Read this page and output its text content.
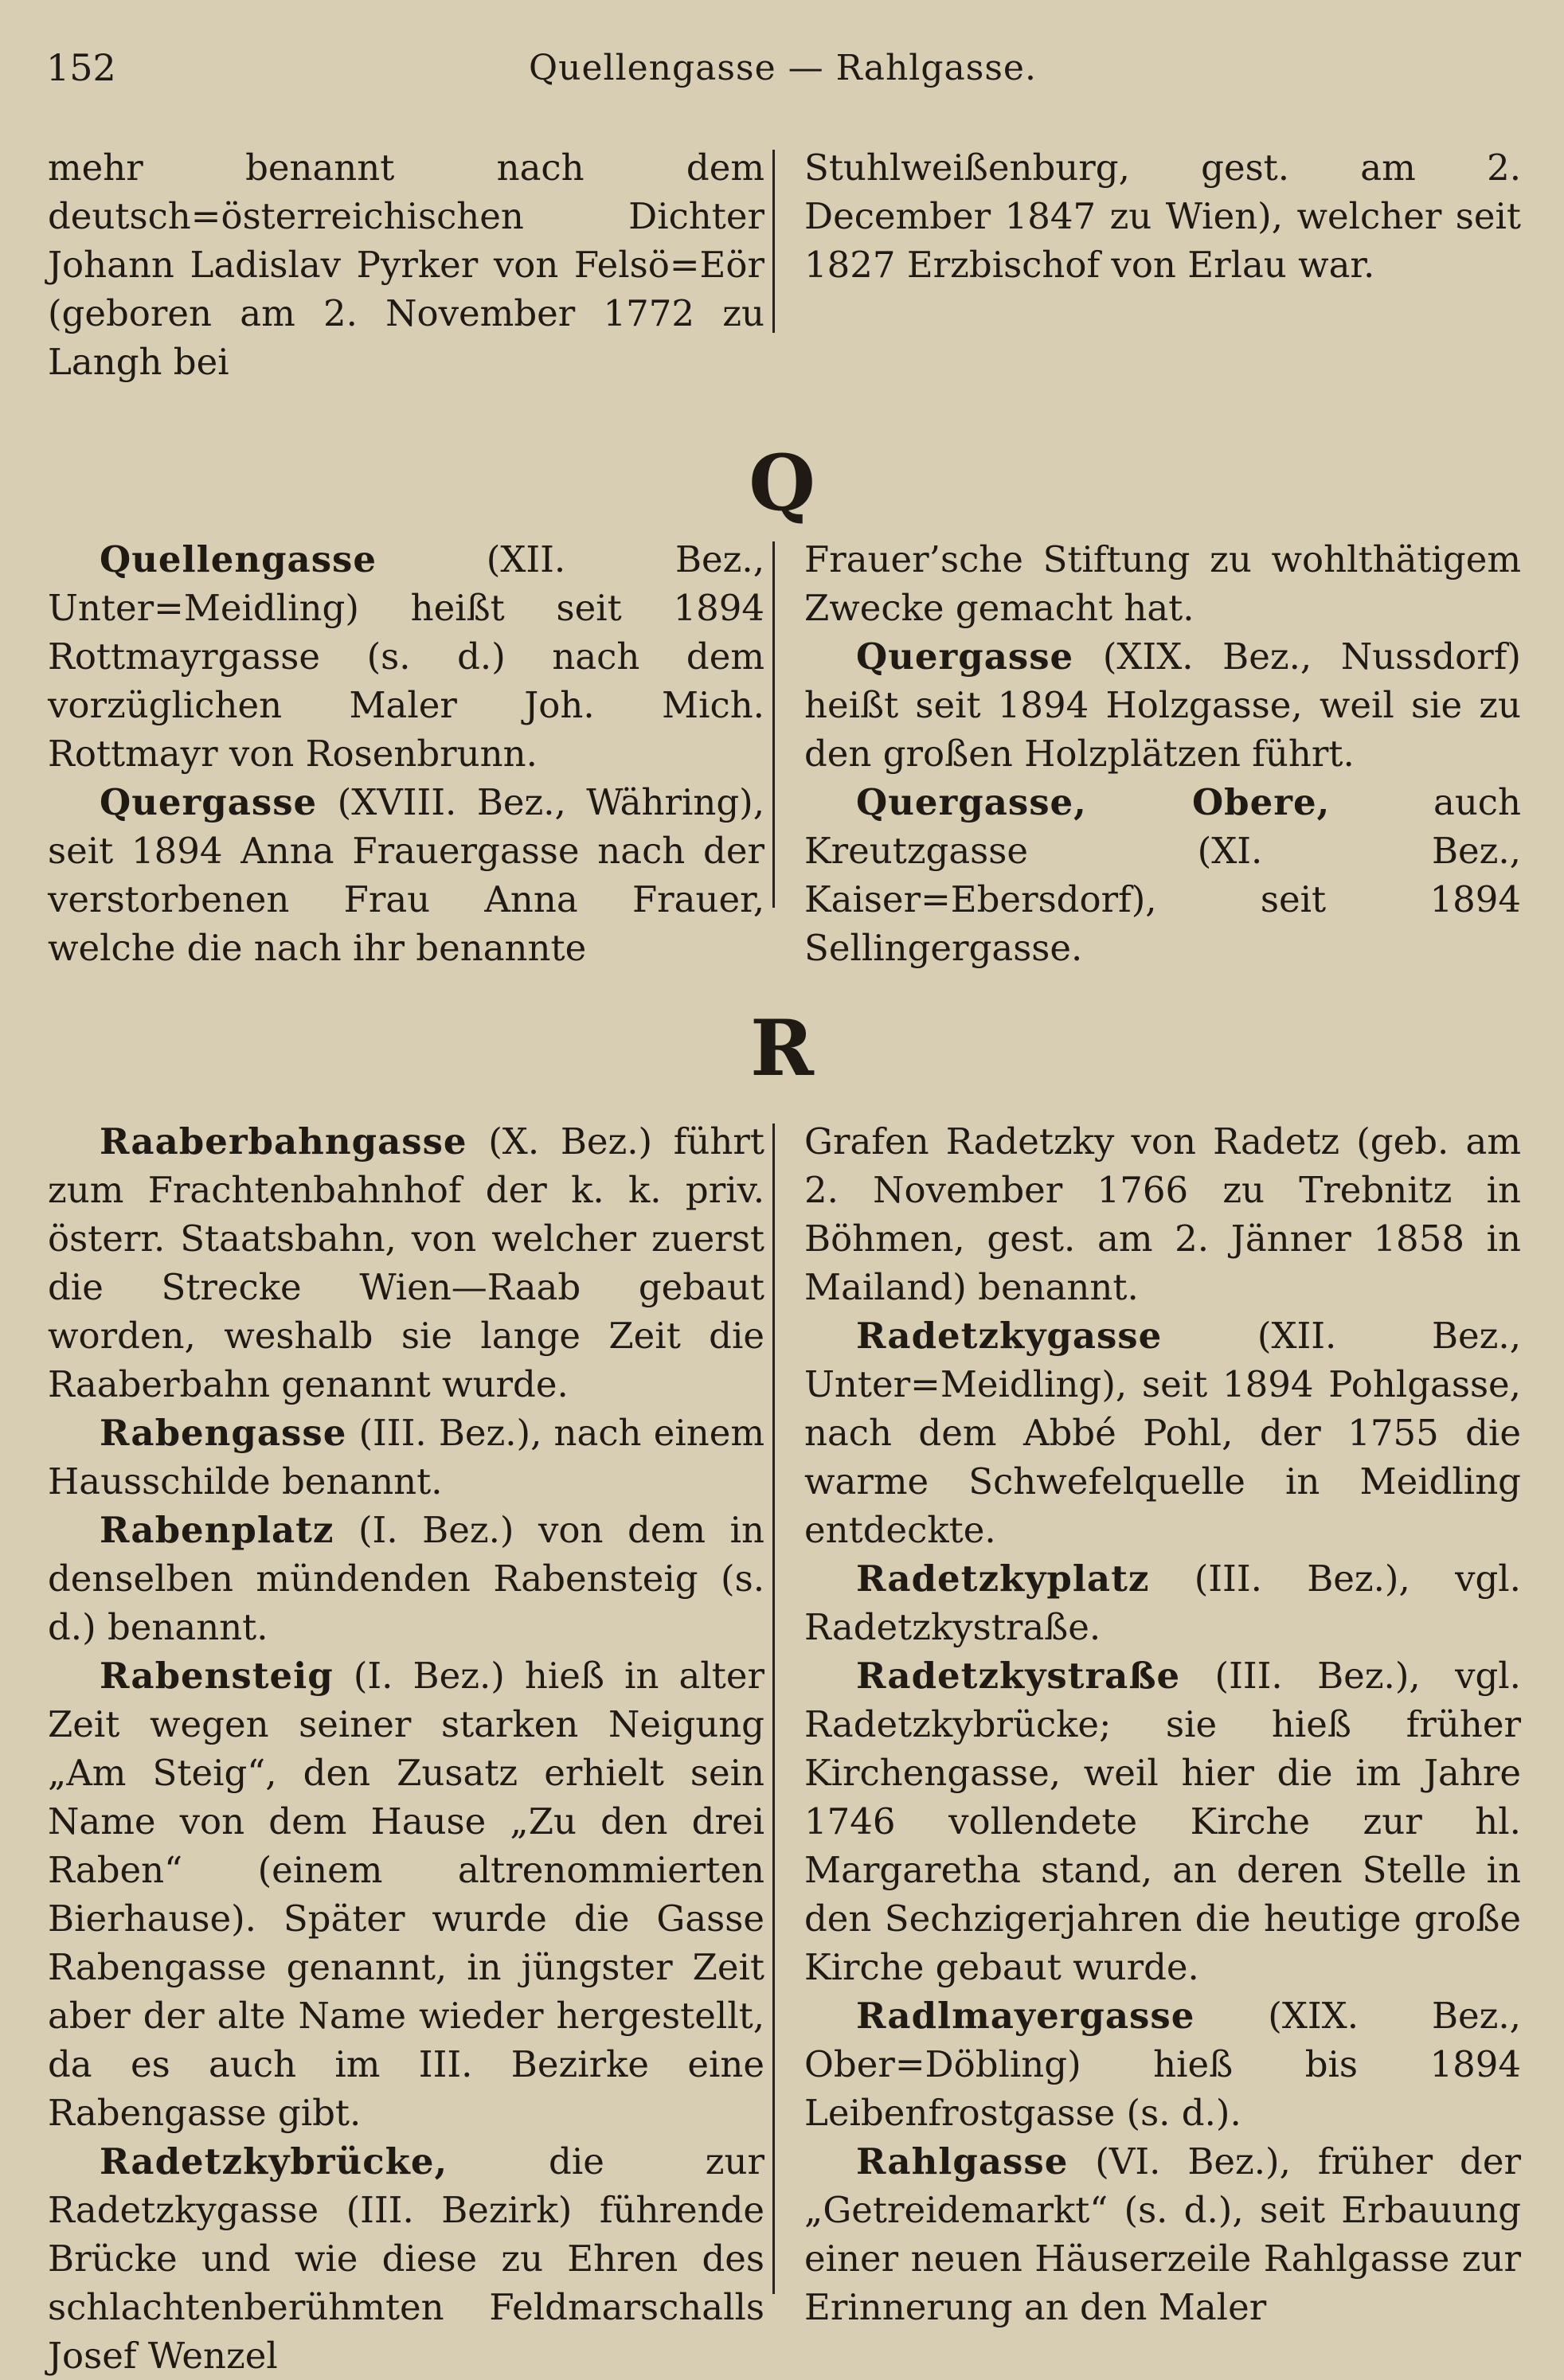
152	Quellengasse — Rahlgasse.

mehr benannt nach dem deutsch=österreichischen Dichter Johann Ladislav Pyrker von Felsö=Eör (geboren am 2. November 1772 zu Langh bei

Stuhlweißenburg, gest. am 2. December 1847 zu Wien), welcher seit 1827 Erzbischof von Erlau war.

Q

Quellengasse (XII. Bez., Unter=Meidling) heißt seit 1894 Rottmayrgasse (s. d.) nach dem vorzüglichen Maler Joh. Mich. Rottmayr von Rosenbrunn.

Quergasse (XVIII. Bez., Währing), seit 1894 Anna Frauergasse nach der verstorbenen Frau Anna Frauer, welche die nach ihr benannte

Frauer’sche Stiftung zu wohlthätigem Zwecke gemacht hat.

Quergasse (XIX. Bez., Nussdorf) heißt seit 1894 Holzgasse, weil sie zu den großen Holzplätzen führt.

Quergasse, Obere, auch Kreutzgasse (XI. Bez., Kaiser=Ebersdorf), seit 1894 Sellingergasse.

R

Raaberbahngasse (X. Bez.) führt zum Frachtenbahnhof der k. k. priv. österr. Staatsbahn, von welcher zuerst die Strecke Wien—Raab gebaut worden, weshalb sie lange Zeit die Raaberbahn genannt wurde.

Rabengasse (III. Bez.), nach einem Hausschilde benannt.

Rabenplatz (I. Bez.) von dem in denselben mündenden Rabensteig (s. d.) benannt.

Rabensteig (I. Bez.) hieß in alter Zeit wegen seiner starken Neigung „Am Steig“, den Zusatz erhielt sein Name von dem Hause „Zu den drei Raben“ (einem altrenommierten Bierhause). Später wurde die Gasse Rabengasse genannt, in jüngster Zeit aber der alte Name wieder hergestellt, da es auch im III. Bezirke eine Rabengasse gibt.

Radetzkybrücke, die zur Radetzkygasse (III. Bezirk) führende Brücke und wie diese zu Ehren des schlachtenberühmten Feldmarschalls Josef Wenzel

Grafen Radetzky von Radetz (geb. am 2. November 1766 zu Trebnitz in Böhmen, gest. am 2. Jänner 1858 in Mailand) benannt.

Radetzkygasse (XII. Bez., Unter=Meidling), seit 1894 Pohlgasse, nach dem Abbé Pohl, der 1755 die warme Schwefelquelle in Meidling entdeckte.

Radetzkyplatz (III. Bez.), vgl. Radetzkystraße.

Radetzkystraße (III. Bez.), vgl. Radetzkybrücke; sie hieß früher Kirchengasse, weil hier die im Jahre 1746 vollendete Kirche zur hl. Margaretha stand, an deren Stelle in den Sechzigerjahren die heutige große Kirche gebaut wurde.

Radlmayergasse (XIX. Bez., Ober=Döbling) hieß bis 1894 Leibenfrostgasse (s. d.).

Rahlgasse (VI. Bez.), früher der „Getreidemarkt“ (s. d.), seit Erbauung einer neuen Häuserzeile Rahlgasse zur Erinnerung an den Maler
